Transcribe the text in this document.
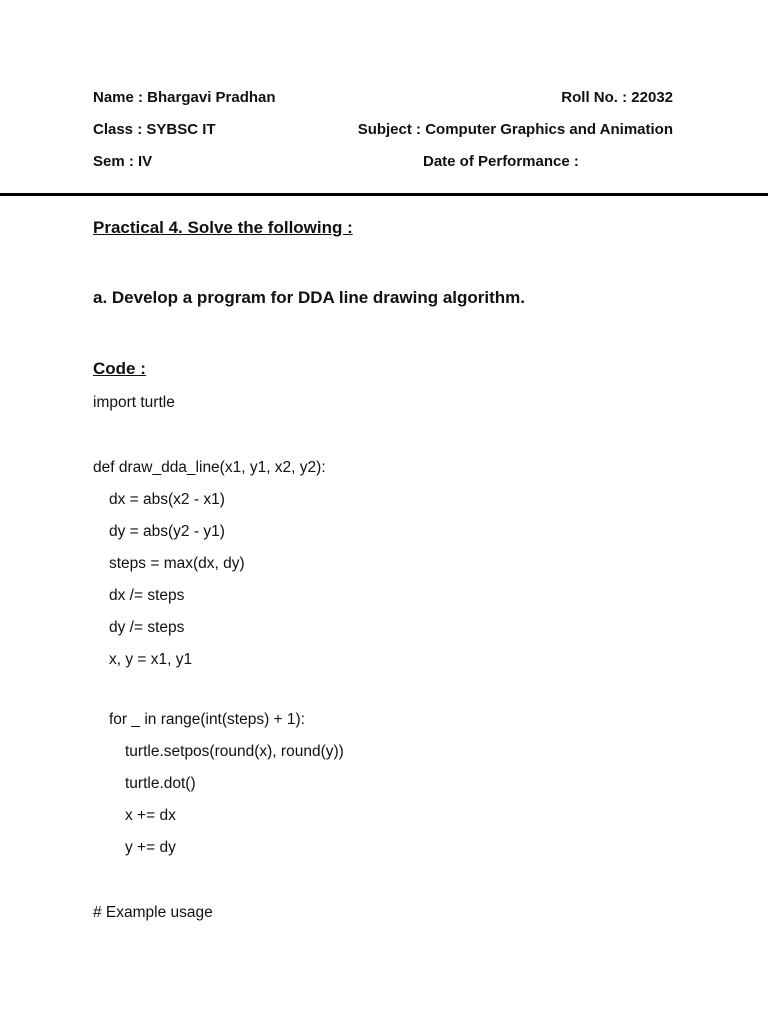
Name : Bhargavi Pradhan	Roll No. : 22032
Class : SYBSC IT	Subject : Computer Graphics and Animation
Sem : IV	Date of Performance :
Practical 4. Solve the following :
a. Develop a program for DDA line drawing algorithm.
Code :
import turtle
def draw_dda_line(x1, y1, x2, y2):
dx = abs(x2 - x1)
dy = abs(y2 - y1)
steps = max(dx, dy)
dx /= steps
dy /= steps
x, y = x1, y1
for _ in range(int(steps) + 1):
turtle.setpos(round(x), round(y))
turtle.dot()
x += dx
y += dy
# Example usage
